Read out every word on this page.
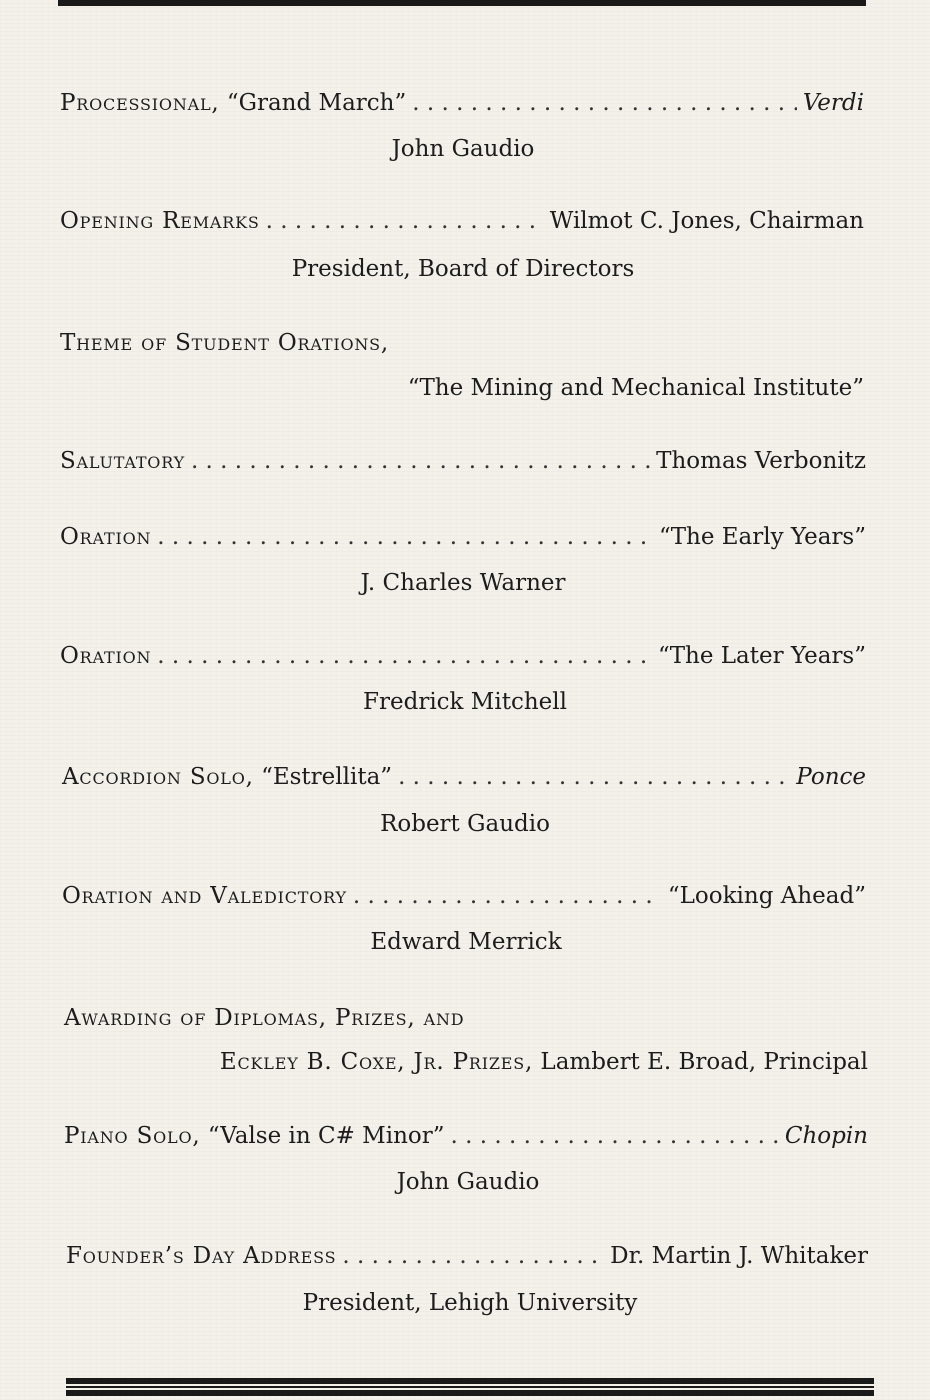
Processional, “Grand March” . . .	Verdi
John Gaudio
Opening Remarks . . .	Wilmot C. Jones, Chairman
President, Board of Directors
Theme of Student Orations,
“The Mining and Mechanical Institute”
Salutatory . . .	Thomas Verbonitz
Oration . . .	“The Early Years”
J. Charles Warner
Oration . . .	“The Later Years”
Fredrick Mitchell
Accordion Solo, “Estrellita” . . .	Ponce
Robert Gaudio
Oration and Valedictory . . .	“Looking Ahead”
Edward Merrick
Awarding of Diplomas, Prizes, and
Eckley B. Coxe, Jr. Prizes, Lambert E. Broad, Principal
Piano Solo, “Valse in C# Minor” . . .	Chopin
John Gaudio
Founder’s Day Address . . .	Dr. Martin J. Whitaker
President, Lehigh University
